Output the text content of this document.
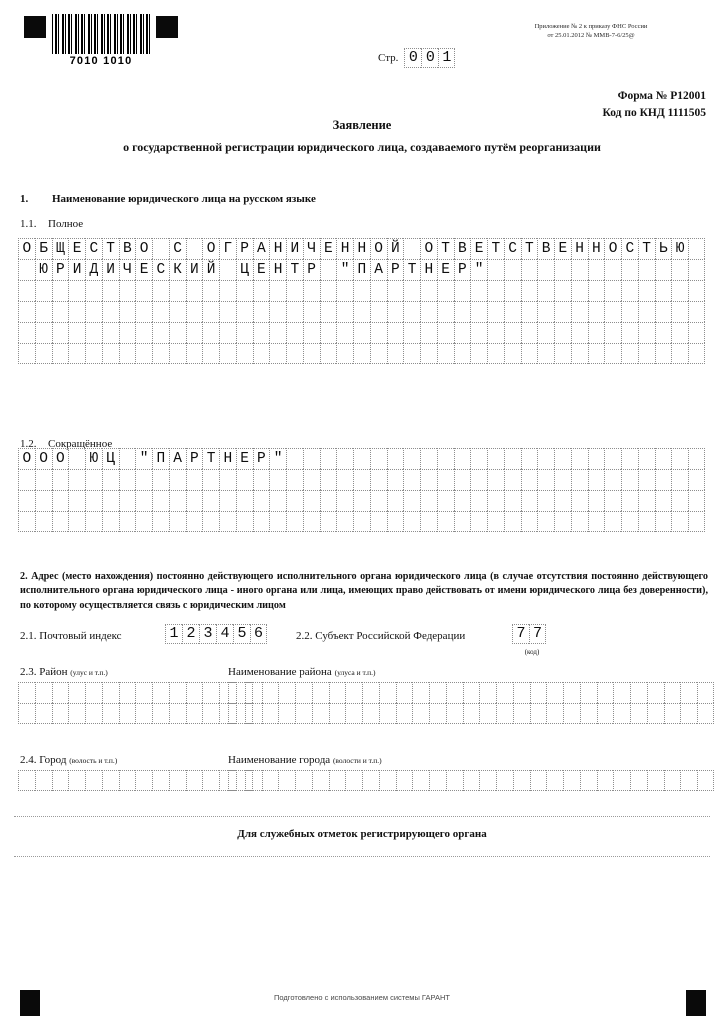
7010 1010
Приложение № 2 к приказу ФНС России
от 25.01.2012 № ММВ-7-6/25@
Стр. 0 0 1
Форма № Р12001
Код по КНД 1111505
Заявление
о государственной регистрации юридического лица, создаваемого путём реорганизации
1. Наименование юридического лица на русском языке
1.1. Полное
О Б Щ Е С Т В О	С	О Г Р А Н И Ч Е Н Н О Й	О Т В Е Т С Т В Е Н Н О С Т Ь Ю
Ю Р И Д И Ч Е С К И Й	Ц Е Н Т Р	" П А Р Т Н Е Р "
1.2. Сокращённое
О О О	Ю Ц	" П А Р Т Н Е Р "
2. Адрес (место нахождения) постоянно действующего исполнительного органа юридического лица (в случае отсутствия постоянно действующего исполнительного органа юридического лица - иного органа или лица, имеющих право действовать от имени юридического лица без доверенности), по которому осуществляется связь с юридическим лицом
2.1. Почтовый индекс	1 2 3 4 5 6	2.2. Субъект Российской Федерации	7 7
(код)
2.3. Район (улус и т.п.)	Наименование района (улуса и т.п.)
2.4. Город (волость и т.п.)	Наименование города (волости и т.п.)
Для служебных отметок регистрирующего органа
Подготовлено с использованием системы ГАРАНТ
